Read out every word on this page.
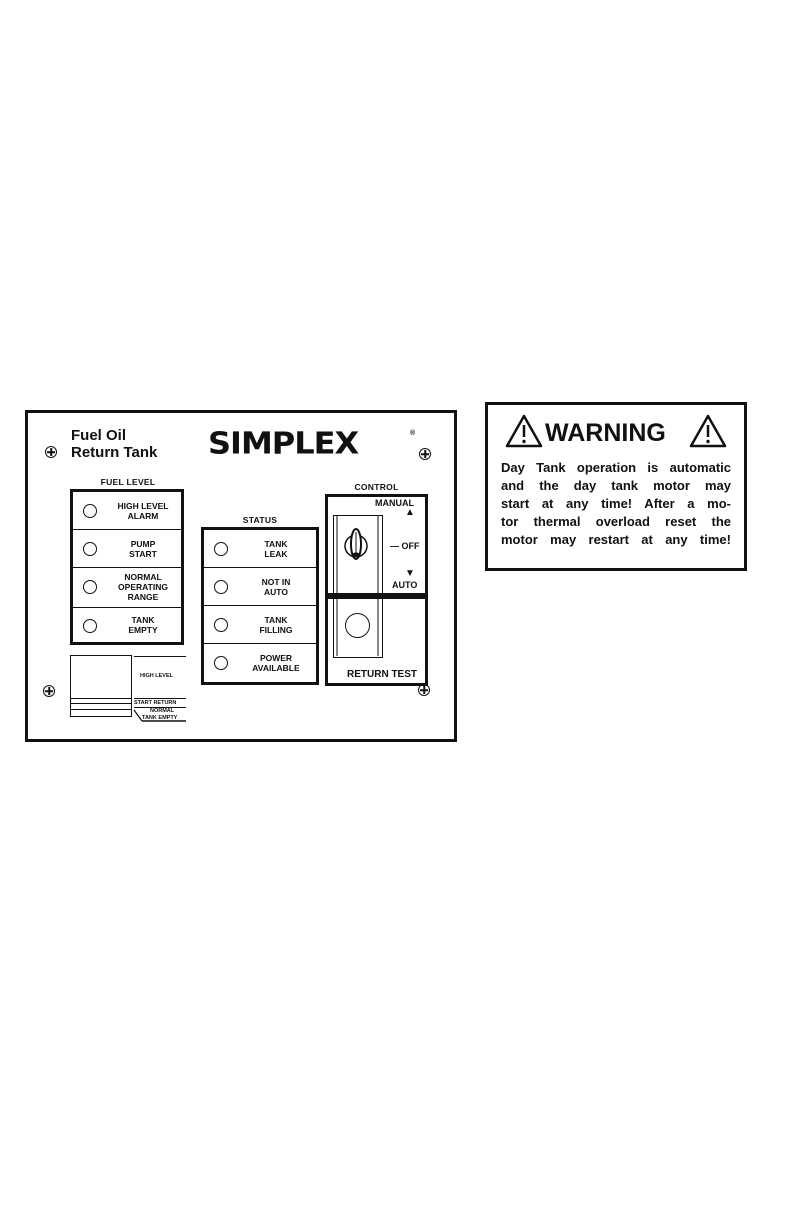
Fuel Oil
Return Tank SIMPLEX	®
FUEL LEVEL
HIGH LEVEL
ALARM
PUMP
START
NORMAL
OPERATING
RANGE
TANK
EMPTY
STATUS
TANK
LEAK
NOT IN
AUTO
TANK
FILLING
POWER
AVAILABLE
CONTROL
MANUAL
▲
— OFF
▼
AUTO
RETURN TEST
HIGH LEVEL
START RETURN
NORMAL
TANK EMPTY
WARNING
Day Tank operation is automatic
and the day tank motor may
start at any time! After a mo-
tor thermal overload reset the
motor may restart at any time!
